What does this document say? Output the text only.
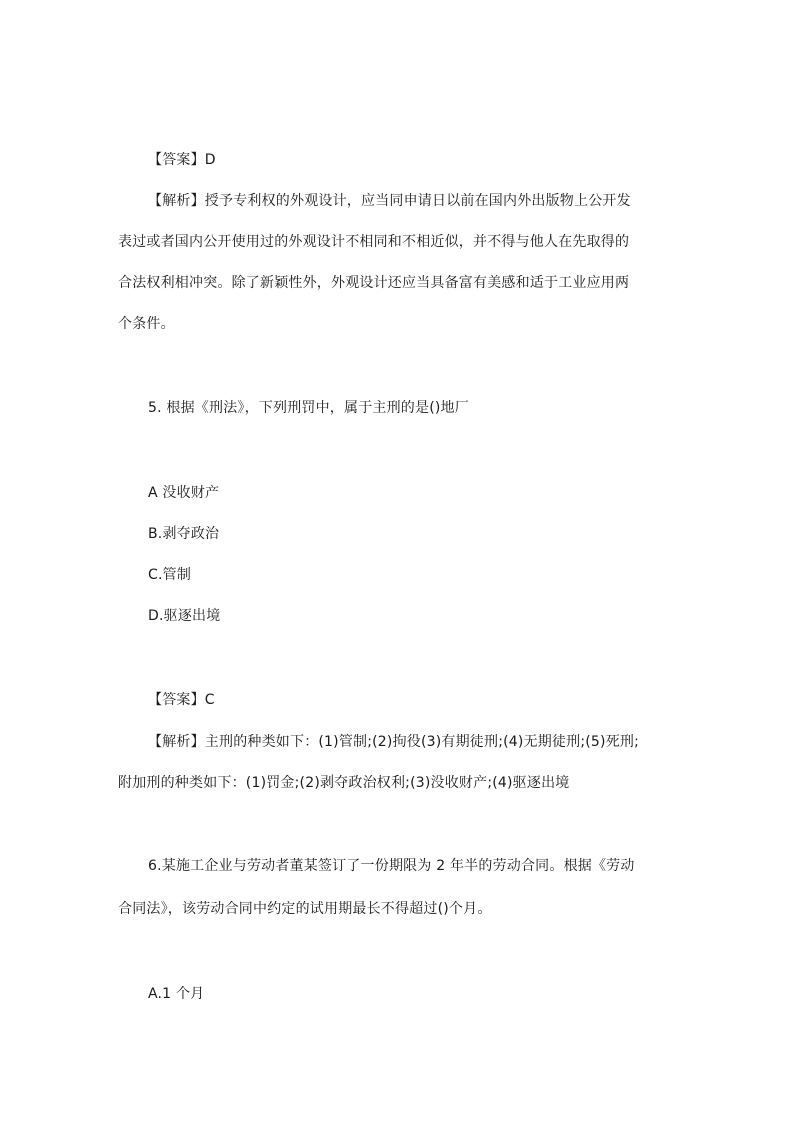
【答案】D
【解析】授予专利权的外观设计，应当同申请日以前在国内外出版物上公开发
表过或者国内公开使用过的外观设计不相同和不相近似，并不得与他人在先取得的
合法权利相冲突。除了新颖性外，外观设计还应当具备富有美感和适于工业应用两
个条件。
5. 根据《刑法》，下列刑罚中，属于主刑的是()地厂
A 没收财产
B.剥夺政治
C.管制
D.驱逐出境
【答案】C
【解析】主刑的种类如下：(1)管制;(2)拘役(3)有期徒刑;(4)无期徒刑;(5)死刑;
附加刑的种类如下：(1)罚金;(2)剥夺政治权利;(3)没收财产;(4)驱逐出境
6.某施工企业与劳动者董某签订了一份期限为 2 年半的劳动合同。根据《劳动
合同法》，该劳动合同中约定的试用期最长不得超过()个月。
A.1 个月
